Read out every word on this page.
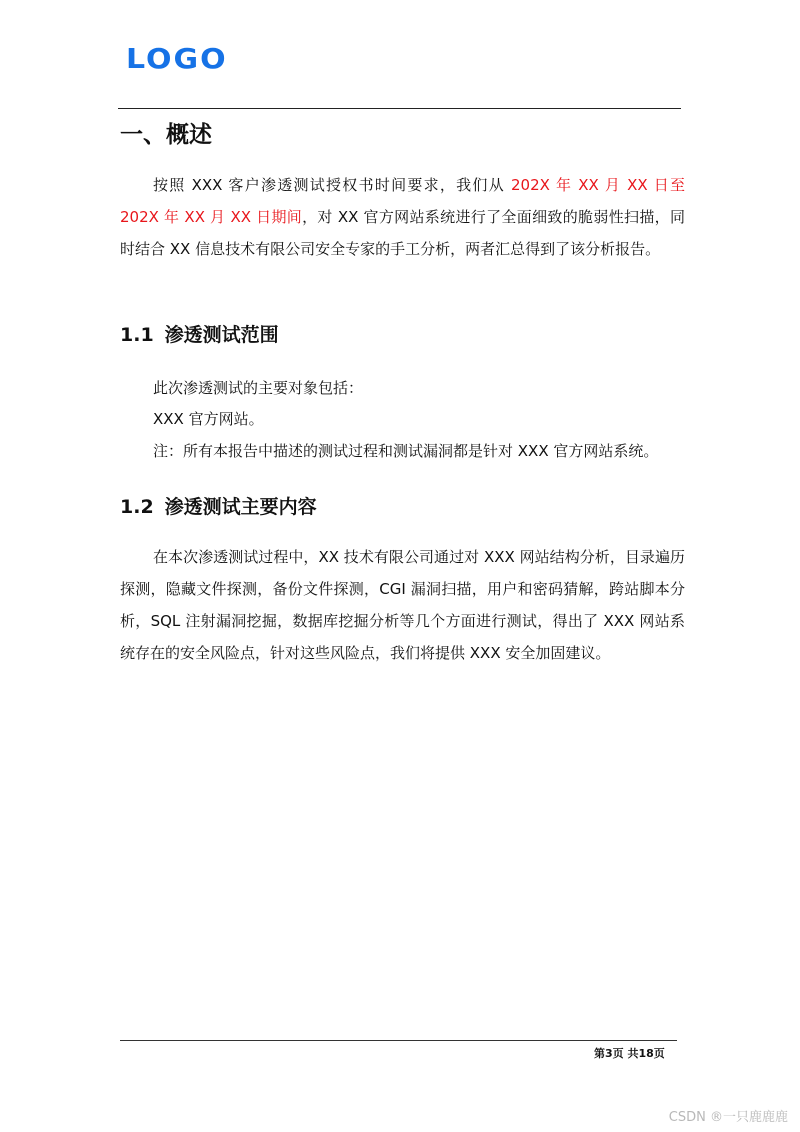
LOGO
一、概述
按照 XXX 客户渗透测试授权书时间要求，我们从 202X 年 XX 月 XX 日至 202X 年 XX 月 XX 日期间，对 XX 官方网站系统进行了全面细致的脆弱性扫描，同时结合 XX 信息技术有限公司安全专家的手工分析，两者汇总得到了该分析报告。
1.1 渗透测试范围
此次渗透测试的主要对象包括：
XXX 官方网站。
注：所有本报告中描述的测试过程和测试漏洞都是针对 XXX 官方网站系统。
1.2 渗透测试主要内容
在本次渗透测试过程中，XX 技术有限公司通过对 XXX 网站结构分析，目录遍历探测，隐藏文件探测，备份文件探测，CGI 漏洞扫描，用户和密码猜解，跨站脚本分析，SQL 注射漏洞挖掘，数据库挖掘分析等几个方面进行测试，得出了 XXX 网站系统存在的安全风险点，针对这些风险点，我们将提供 XXX 安全加固建议。
第3页 共18页
CSDN ®一只鹿鹿鹿
